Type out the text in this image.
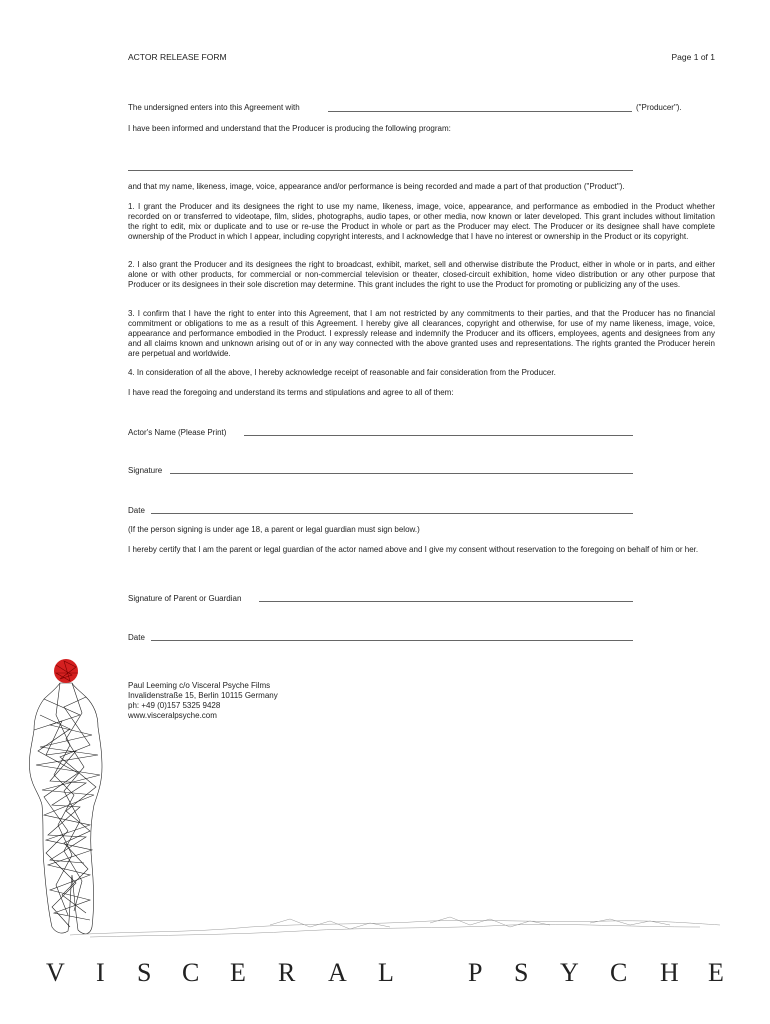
ACTOR RELEASE FORM	Page 1 of 1
The undersigned enters into this Agreement with	("Producer").
I have been informed and understand that the Producer is producing the following program:
and that my name, likeness, image, voice, appearance and/or performance is being recorded and made a part of that production ("Product").
1. I grant the Producer and its designees the right to use my name, likeness, image, voice, appearance, and performance as embodied in the Product whether recorded on or transferred to videotape, film, slides, photographs, audio tapes, or other media, now known or later developed. This grant includes without limitation the right to edit, mix or duplicate and to use or re-use the Product in whole or part as the Producer may elect. The Producer or its designee shall have complete ownership of the Product in which I appear, including copyright interests, and I acknowledge that I have no interest or ownership in the Product or its copyright.
2. I also grant the Producer and its designees the right to broadcast, exhibit, market, sell and otherwise distribute the Product, either in whole or in parts, and either alone or with other products, for commercial or non-commercial television or theater, closed-circuit exhibition, home video distribution or any other purpose that Producer or its designees in their sole discretion may determine. This grant includes the right to use the Product for promoting or publicizing any of the uses.
3. I confirm that I have the right to enter into this Agreement, that I am not restricted by any commitments to their parties, and that the Producer has no financial commitment or obligations to me as a result of this Agreement. I hereby give all clearances, copyright and otherwise, for use of my name likeness, image, voice, appearance and performance embodied in the Product. I expressly release and indemnify the Producer and its officers, employees, agents and designees from any and all claims known and unknown arising out of or in any way connected with the above granted uses and representations. The rights granted the Producer herein are perpetual and worldwide.
4. In consideration of all the above, I hereby acknowledge receipt of reasonable and fair consideration from the Producer.
I have read the foregoing and understand its terms and stipulations and agree to all of them:
Actor's Name (Please Print)
Signature
Date
(If the person signing is under age 18, a parent or legal guardian must sign below.)
I hereby certify that I am the parent or legal guardian of the actor named above and I give my consent without reservation to the foregoing on behalf of him or her.
Signature of Parent or Guardian
Date
Paul Leeming c/o Visceral Psyche Films
Invalidenstraße 15, Berlin 10115 Germany
ph: +49 (0)157 5325 9428
www.visceralpsyche.com
V I S C E R A L	P S Y C H E
